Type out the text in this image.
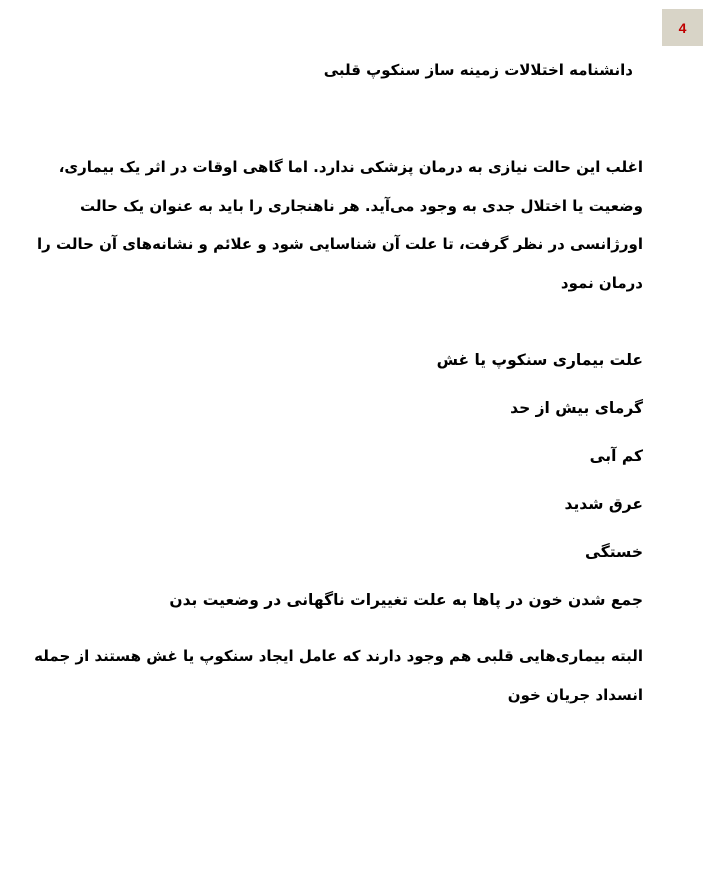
4
دانشنامه اختلالات زمینه ساز سنکوپ قلبی
اغلب این حالت نیازی به درمان پزشکی ندارد. اما گاهی اوقات در اثر یک بیماری،
وضعیت یا اختلال جدی به وجود می‌آید. هر ناهنجاری را باید به عنوان یک حالت
اورژانسی در نظر گرفت، تا علت آن شناسایی شود و علائم و نشانه‌های آن حالت را
درمان نمود
علت بیماری سنکوپ یا غش
گرمای بیش از حد
کم آبی
عرق شدید
خستگی
جمع شدن خون در پاها به علت تغییرات ناگهانی در وضعیت بدن
البته بیماری‌هایی قلبی هم وجود دارند که عامل ایجاد سنکوپ یا غش هستند از جمله
انسداد جریان خون
